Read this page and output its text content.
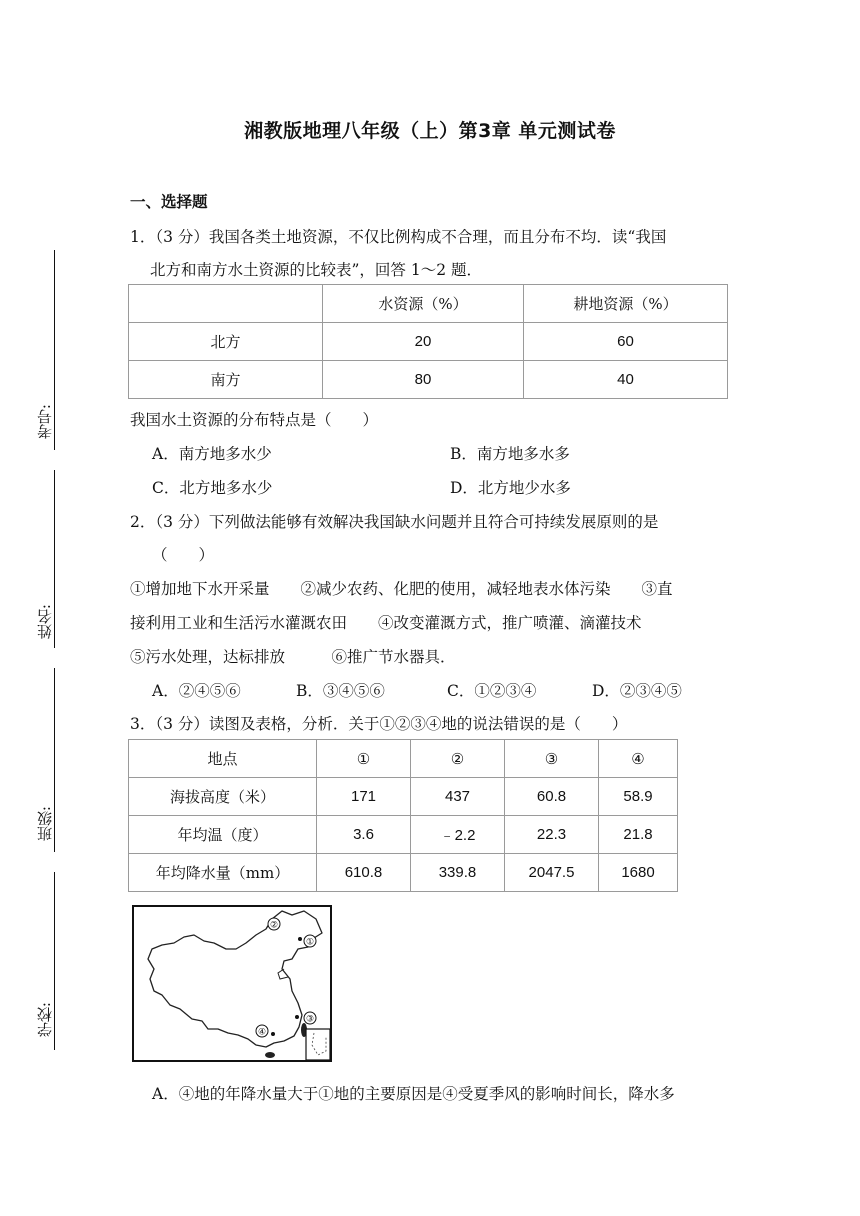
湘教版地理八年级（上）第3章 单元测试卷
考号:
姓名:
班级:
学校:
一、选择题
1．（3 分）我国各类土地资源，不仅比例构成不合理，而且分布不均．读“我国
北方和南方水土资源的比较表”，回答 1～2 题．
	水资源（%）	耕地资源（%）
北方	20	60
南方	80	40
我国水土资源的分布特点是（　　）
A．南方地多水少	B．南方地多水多
C．北方地多水少	D．北方地少水多
2．（3 分）下列做法能够有效解决我国缺水问题并且符合可持续发展原则的是
（　　）
①增加地下水开采量　　②减少农药、化肥的使用，减轻地表水体污染　　③直
接利用工业和生活污水灌溉农田　　④改变灌溉方式，推广喷灌、滴灌技术
⑤污水处理，达标排放　　　⑥推广节水器具．
A．②④⑤⑥	B．③④⑤⑥	C．①②③④	D．②③④⑤
3．（3 分）读图及表格，分析．关于①②③④地的说法错误的是（　　）
地点	①	②	③	④
海拔高度（米）	171	437	60.8	58.9
年均温（度）	3.6	﹣2.2	22.3	21.8
年均降水量（mm）	610.8	339.8	2047.5	1680
①
②
③
④
A．④地的年降水量大于①地的主要原因是④受夏季风的影响时间长，降水多
